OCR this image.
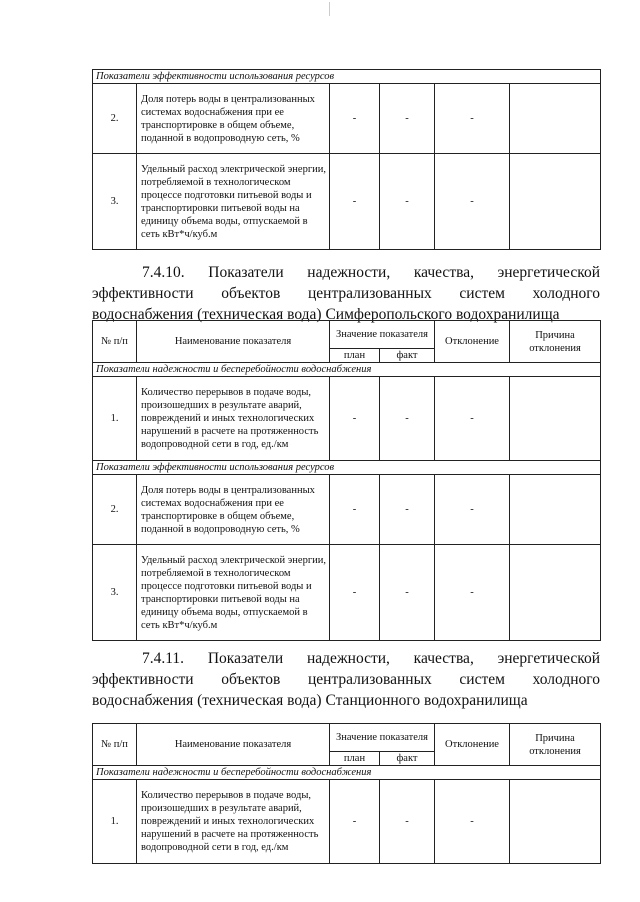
Показатели эффективности использования ресурсов					
2.	Доля потерь воды в централизованных системах водоснабжения при ее транспортировке в общем объеме, поданной в водопроводную сеть, %	-	-	-	
3.	Удельный расход электрической энергии, потребляемой в технологическом процессе подготовки питьевой воды и транспортировки питьевой воды на единицу объема воды, отпускаемой в сеть кВт*ч/куб.м	-	-	-	

7.4.10. Показатели надежности, качества, энергетической эффективности объектов централизованных систем холодного водоснабжения (техническая вода) Симферопольского водохранилища

№ п/п	Наименование показателя	Значение показателя		Отклонение	Причина отклонения
		план	факт		
Показатели надежности и бесперебойности водоснабжения					
1.	Количество перерывов в подаче воды, произошедших в результате аварий, повреждений и иных технологических нарушений в расчете на протяженность водопроводной сети в год, ед./км	-	-	-	
Показатели эффективности использования ресурсов					
2.	Доля потерь воды в централизованных системах водоснабжения при ее транспортировке в общем объеме, поданной в водопроводную сеть, %	-	-	-	
3.	Удельный расход электрической энергии, потребляемой в технологическом процессе подготовки питьевой воды и транспортировки питьевой воды на единицу объема воды, отпускаемой в сеть кВт*ч/куб.м	-	-	-	

7.4.11. Показатели надежности, качества, энергетической эффективности объектов централизованных систем холодного водоснабжения (техническая вода) Станционного водохранилища

№ п/п	Наименование показателя	Значение показателя		Отклонение	Причина отклонения
		план	факт		
Показатели надежности и бесперебойности водоснабжения					
1.	Количество перерывов в подаче воды, произошедших в результате аварий, повреждений и иных технологических нарушений в расчете на протяженность водопроводной сети в год, ед./км	-	-	-	
